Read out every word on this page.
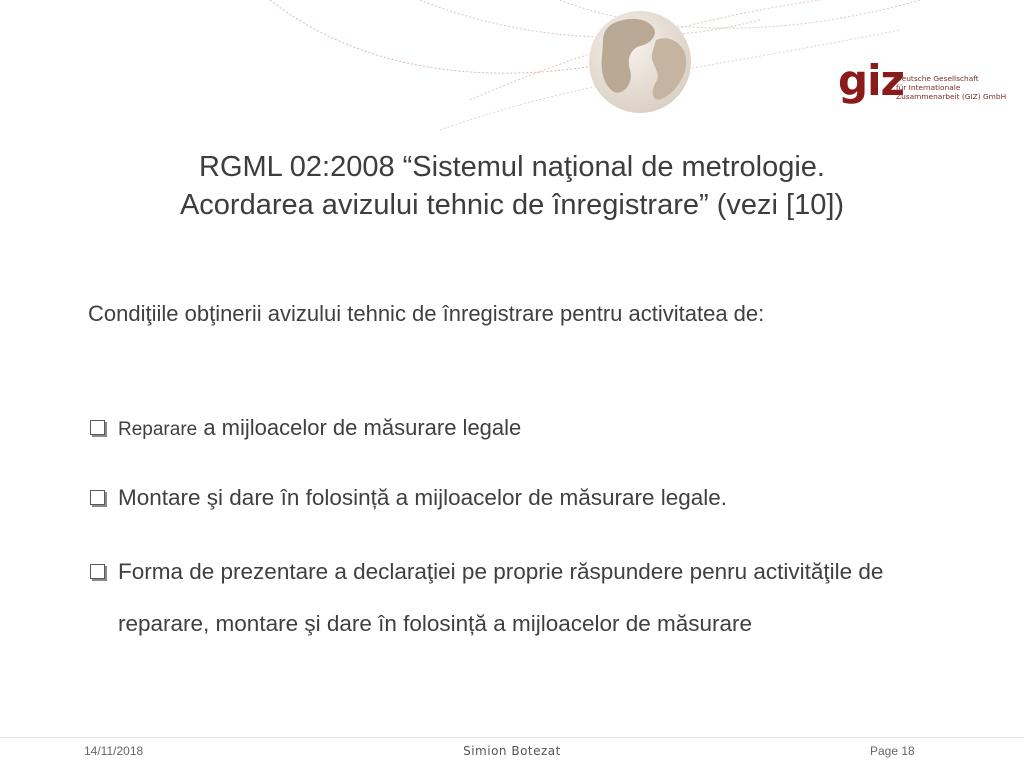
giz
Deutsche Gesellschaft
für Internationale
Zusammenarbeit (GIZ) GmbH
RGML 02:2008 “Sistemul naţional de metrologie.
Acordarea avizului tehnic de înregistrare” (vezi [10])

Condiţiile obţinerii avizului tehnic de înregistrare pentru activitatea de:

Reparare a mijloacelor de măsurare legale
Montare şi dare în folosință a mijloacelor de măsurare legale.
Forma de prezentare a declaraţiei pe proprie răspundere penru activităţile de reparare, montare şi dare în folosință a mijloacelor de măsurare
14/11/2018	Simion Botezat	Page 18
